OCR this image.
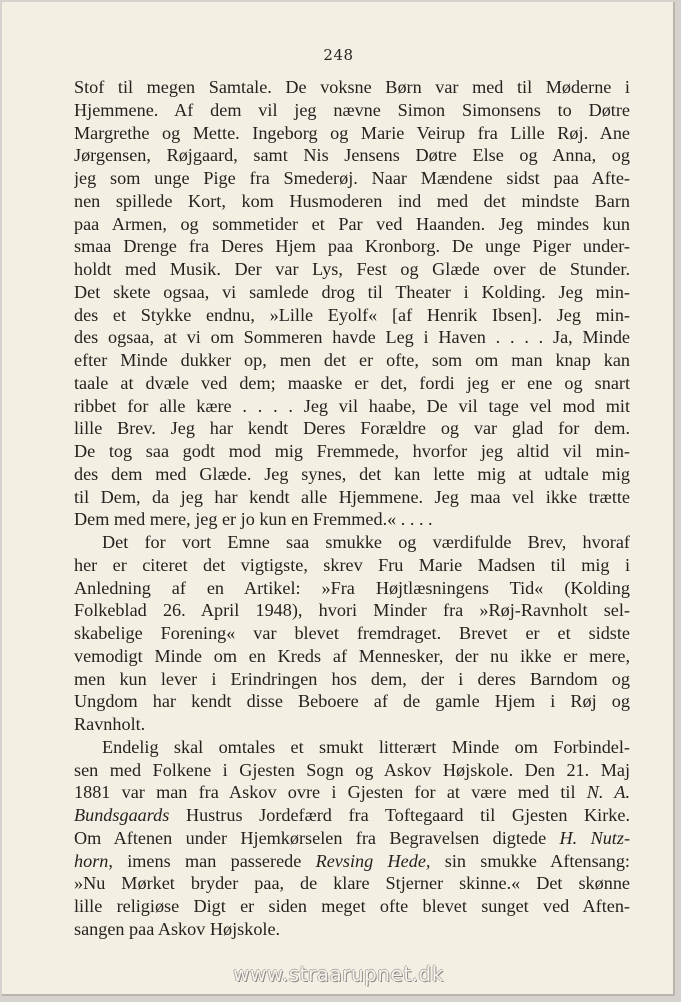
248
Stof til megen Samtale. De voksne Børn var med til Møderne i
Hjemmene. Af dem vil jeg nævne Simon Simonsens to Døtre
Margrethe og Mette. Ingeborg og Marie Veirup fra Lille Røj. Ane
Jørgensen, Røjgaard, samt Nis Jensens Døtre Else og Anna, og
jeg som unge Pige fra Smederøj. Naar Mændene sidst paa Afte-
nen spillede Kort, kom Husmoderen ind med det mindste Barn
paa Armen, og sommetider et Par ved Haanden. Jeg mindes kun
smaa Drenge fra Deres Hjem paa Kronborg. De unge Piger under-
holdt med Musik. Der var Lys, Fest og Glæde over de Stunder.
Det skete ogsaa, vi samlede drog til Theater i Kolding. Jeg min-
des et Stykke endnu, »Lille Eyolf« [af Henrik Ibsen]. Jeg min-
des ogsaa, at vi om Sommeren havde Leg i Haven . . . . Ja, Minde
efter Minde dukker op, men det er ofte, som om man knap kan
taale at dvæle ved dem; maaske er det, fordi jeg er ene og snart
ribbet for alle kære . . . . Jeg vil haabe, De vil tage vel mod mit
lille Brev. Jeg har kendt Deres Forældre og var glad for dem.
De tog saa godt mod mig Fremmede, hvorfor jeg altid vil min-
des dem med Glæde. Jeg synes, det kan lette mig at udtale mig
til Dem, da jeg har kendt alle Hjemmene. Jeg maa vel ikke trætte
Dem med mere, jeg er jo kun en Fremmed.« . . . .
Det for vort Emne saa smukke og værdifulde Brev, hvoraf
her er citeret det vigtigste, skrev Fru Marie Madsen til mig i
Anledning af en Artikel: »Fra Højtlæsningens Tid« (Kolding
Folkeblad 26. April 1948), hvori Minder fra »Røj-Ravnholt sel-
skabelige Forening« var blevet fremdraget. Brevet er et sidste
vemodigt Minde om en Kreds af Mennesker, der nu ikke er mere,
men kun lever i Erindringen hos dem, der i deres Barndom og
Ungdom har kendt disse Beboere af de gamle Hjem i Røj og
Ravnholt.
Endelig skal omtales et smukt litterært Minde om Forbindel-
sen med Folkene i Gjesten Sogn og Askov Højskole. Den 21. Maj
1881 var man fra Askov ovre i Gjesten for at være med til N. A.
Bundsgaards Hustrus Jordefærd fra Toftegaard til Gjesten Kirke.
Om Aftenen under Hjemkørselen fra Begravelsen digtede H. Nutz-
horn, imens man passerede Revsing Hede, sin smukke Aftensang:
»Nu Mørket bryder paa, de klare Stjerner skinne.« Det skønne
lille religiøse Digt er siden meget ofte blevet sunget ved Aften-
sangen paa Askov Højskole.
www.straarupnet.dk
